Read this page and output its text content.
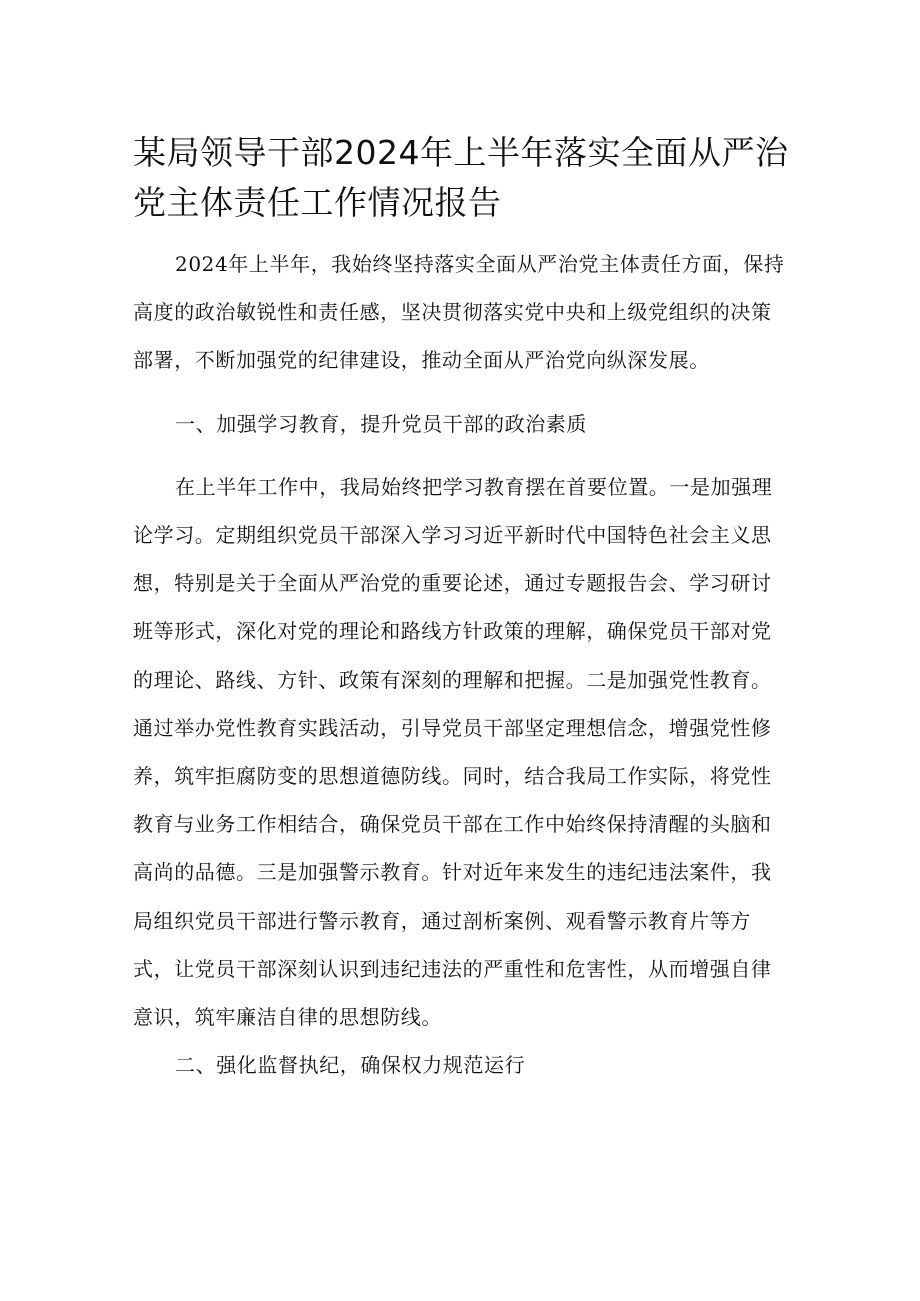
某局领导干部2024年上半年落实全面从严治党主体责任工作情况报告

2024年上半年，我始终坚持落实全面从严治党主体责任方面，保持高度的政治敏锐性和责任感，坚决贯彻落实党中央和上级党组织的决策部署，不断加强党的纪律建设，推动全面从严治党向纵深发展。

一、加强学习教育，提升党员干部的政治素质

在上半年工作中，我局始终把学习教育摆在首要位置。一是加强理论学习。定期组织党员干部深入学习习近平新时代中国特色社会主义思想，特别是关于全面从严治党的重要论述，通过专题报告会、学习研讨班等形式，深化对党的理论和路线方针政策的理解，确保党员干部对党的理论、路线、方针、政策有深刻的理解和把握。二是加强党性教育。通过举办党性教育实践活动，引导党员干部坚定理想信念，增强党性修养，筑牢拒腐防变的思想道德防线。同时，结合我局工作实际，将党性教育与业务工作相结合，确保党员干部在工作中始终保持清醒的头脑和高尚的品德。三是加强警示教育。针对近年来发生的违纪违法案件，我局组织党员干部进行警示教育，通过剖析案例、观看警示教育片等方式，让党员干部深刻认识到违纪违法的严重性和危害性，从而增强自律意识，筑牢廉洁自律的思想防线。

二、强化监督执纪，确保权力规范运行
